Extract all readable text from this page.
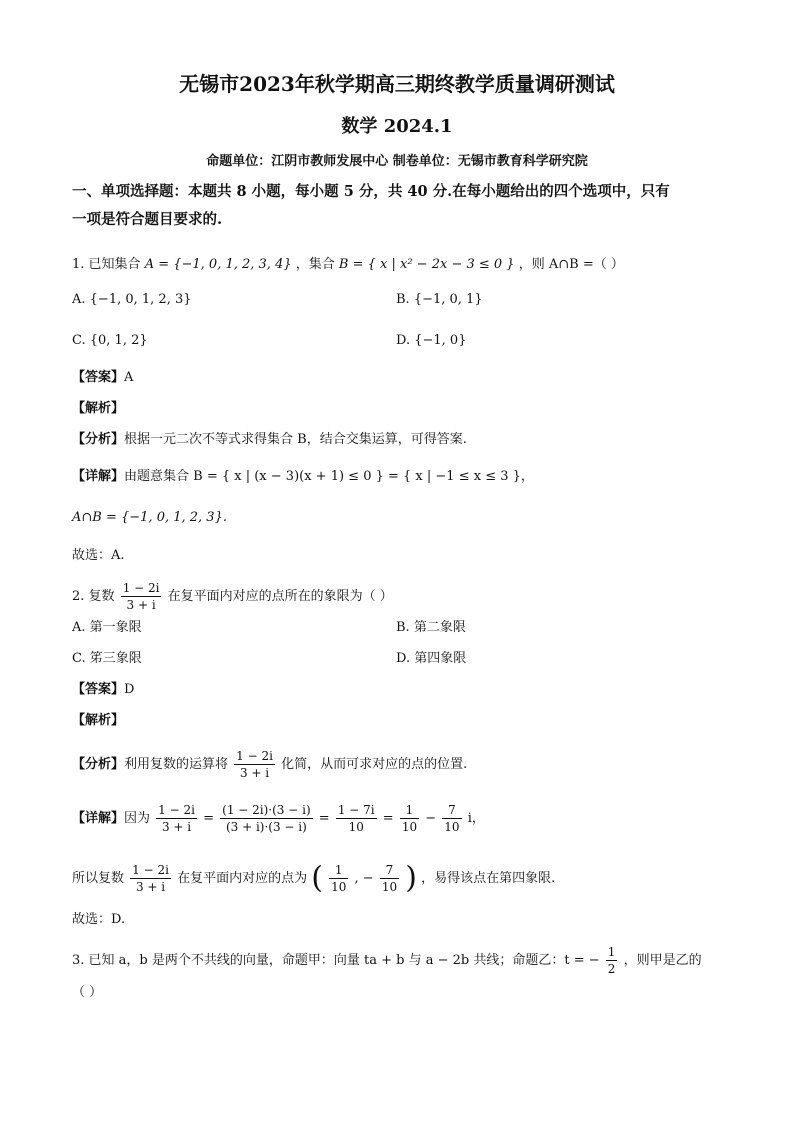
无锡市2023年秋学期高三期终教学质量调研测试
数学 2024.1
命题单位：江阴市教师发展中心 制卷单位：无锡市教育科学研究院
一、单项选择题：本题共 8 小题，每小题 5 分，共 40 分.在每小题给出的四个选项中，只有
一项是符合题目要求的.
1. 已知集合 A = {−1, 0, 1, 2, 3, 4} ，集合 B = { x | x² − 2x − 3 ≤ 0 } ，则 A∩B =（ ）
A. {−1, 0, 1, 2, 3}	B. {−1, 0, 1}
C. {0, 1, 2}	D. {−1, 0}
【答案】A
【解析】
【分析】根据一元二次不等式求得集合 B，结合交集运算，可得答案.
【详解】由题意集合 B = { x | (x − 3)(x + 1) ≤ 0 } = { x | −1 ≤ x ≤ 3 }，
A∩B = {−1, 0, 1, 2, 3}.
故选：A.
2. 复数 $\frac{1 - 2i}{3 + i}$ 在复平面内对应的点所在的象限为（ ）
A. 第一象限	B. 第二象限
C. 笫三象限	D. 第四象限
【答案】D
【解析】
【分析】利用复数的运算将 $\frac{1 - 2i}{3 + i}$ 化简，从而可求对应的点的位置.
【详解】因为 $\frac{1 - 2i}{3 + i} = \frac{(1 - 2i)\cdot(3 - i)}{(3 + i)\cdot(3 - i)} = \frac{1 - 7i}{10} = \frac{1}{10} - \frac{7}{10}$ i，
所以复数 $\frac{1 - 2i}{3 + i}$ 在复平面内对应的点为 ( $\frac{1}{10}$ , − $\frac{7}{10}$ ) ，易得该点在第四象限.
故选：D.
3. 已知 a，b 是两个不共线的向量，命题甲：向量 ta + b 与 a − 2b 共线；命题乙：t = − $\frac{1}{2}$ ，则甲是乙的
（ ）
